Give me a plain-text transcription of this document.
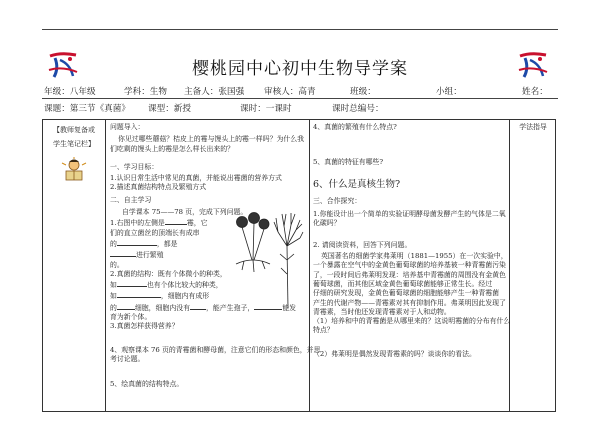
樱桃园中心初中生物导学案
年级：八年级	学科：生物 主备人：张国强 审核人：高青	班级：	小组：	姓名：
课题：第三节《真菌》 课型：新授	课时：一课时	课时总编号：

【教师复备或

学生笔记栏】

问题导入：

你见过哪些蘑菇？桔皮上的霉与馒头上的霉一样吗？为什么我

们吃剩的馒头上的霉是怎么样长出来的？

一、学习目标：

1.认识日常生活中常见的真菌，并能说出霉菌的营养方式

2.描述真菌结构特点及繁殖方式

二、自主学习

自学课本 75——78 页，完成下列问题。

1.右图中的左侧是	霉，它

们的直立菌丝的顶端长有成串

的	，都是

进行繁殖

的。

2.真菌的结构：既有个体微小的种类，

如	也有个体比较大的种类，

如	，细胞内有成形

的	细胞，细胞内没有 ，能产生孢子，	能发

育为新个体。

3.真菌怎样获得营养？

4、观察课本 76 页的青霉菌和酵母菌，注意它们的形态和颜色，并思

考讨论题。

5、绘真菌的结构特点。

4、真菌的繁殖有什么特点?

5、真菌的特征有哪些?

6、什么是真核生物?

三、合作探究：

1.你能设计出一个简单的实验证明酵母菌发酵产生的气体是二氧

化碳吗？

2. 请阅读资料，回答下列问题。

英国著名的细菌学家弗莱明（1881—1955）在一次实验中，

一个暴露在空气中的金黄色葡萄球菌的培养基被一种青霉菌污染

了，一段时间后弗莱明发现：培养基中青霉菌的周围没有金黄色

葡萄球菌，而其他区域金黄色葡萄球菌能够正常生长。经过

仔细的研究发现，金黄色葡萄球菌的细胞能够产生一种青霉菌

产生的代谢产物——青霉素对其有抑制作用。弗莱明因此发现了

青霉素，当时他还发现青霉素对于人和动物。

（1）培养和中的青霉菌是从哪里来的？这说明霉菌的分布有什么

特点？

（2）弗莱明是偶然发现青霉素的吗？谈谈你的看法。

学法指导
